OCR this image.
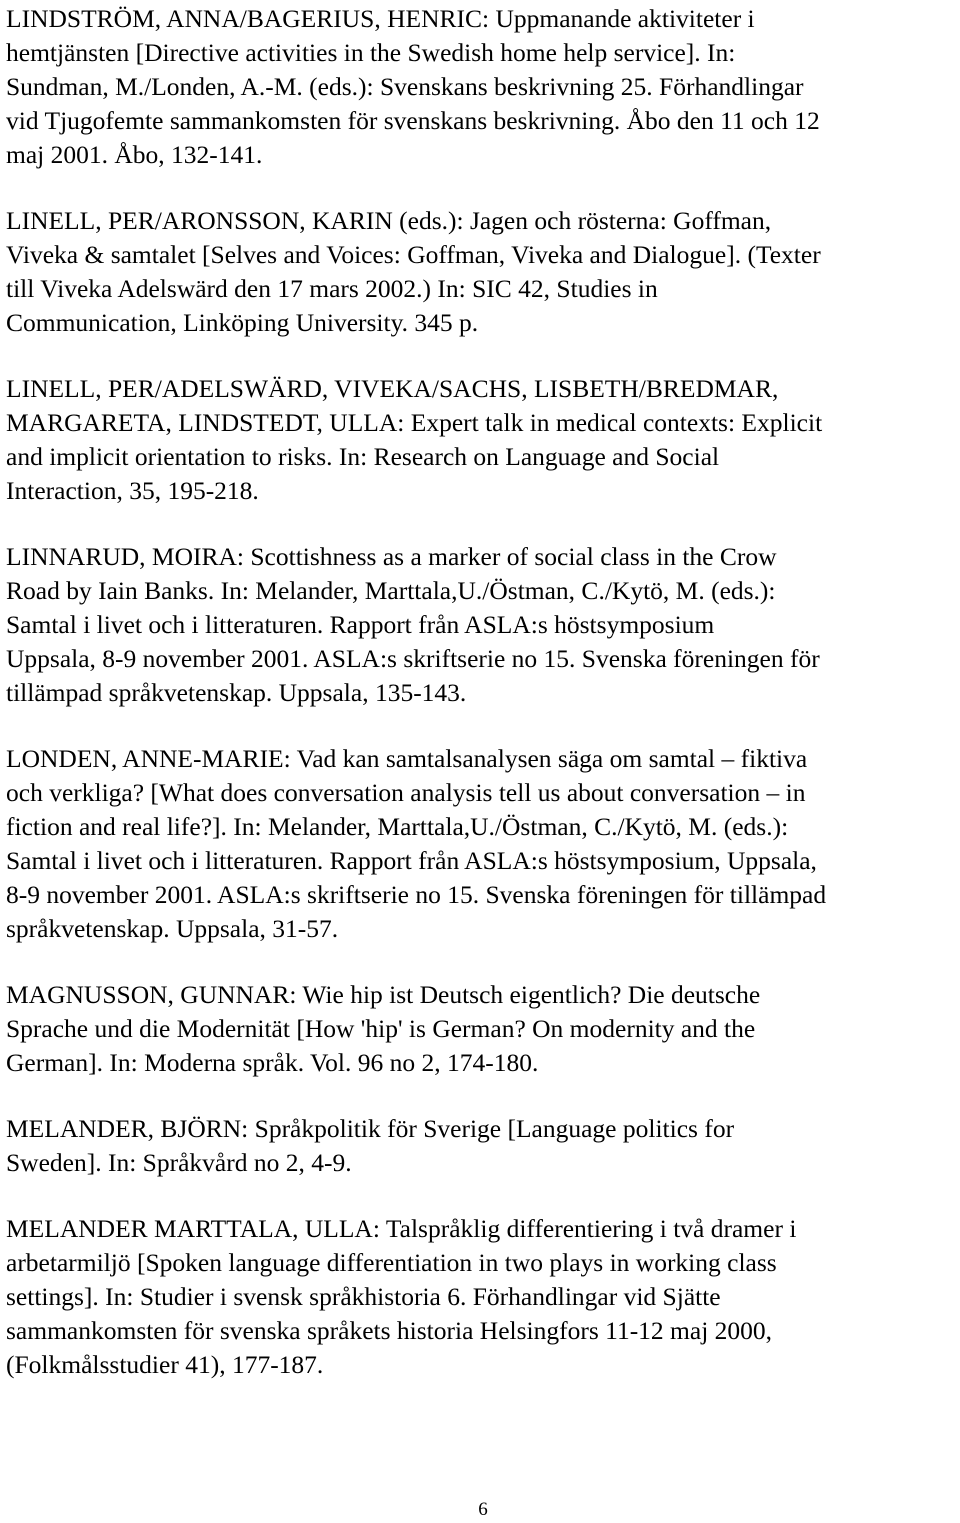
LINDSTRÖM, ANNA/BAGERIUS, HENRIC: Uppmanande aktiviteter i
hemtjänsten [Directive activities in the Swedish home help service]. In:
Sundman, M./Londen, A.-M. (eds.): Svenskans beskrivning 25. Förhandlingar
vid Tjugofemte sammankomsten för svenskans beskrivning. Åbo den 11 och 12
maj 2001. Åbo, 132-141.
LINELL, PER/ARONSSON, KARIN (eds.): Jagen och rösterna: Goffman,
Viveka & samtalet [Selves and Voices: Goffman, Viveka and Dialogue]. (Texter
till Viveka Adelswärd den 17 mars 2002.) In: SIC 42, Studies in
Communication, Linköping University. 345 p.
LINELL, PER/ADELSWÄRD, VIVEKA/SACHS, LISBETH/BREDMAR,
MARGARETA, LINDSTEDT, ULLA: Expert talk in medical contexts: Explicit
and implicit orientation to risks. In: Research on Language and Social
Interaction, 35, 195-218.
LINNARUD, MOIRA: Scottishness as a marker of social class in the Crow
Road by Iain Banks. In: Melander, Marttala,U./Östman, C./Kytö, M. (eds.):
Samtal i livet och i litteraturen. Rapport från ASLA:s höstsymposium
Uppsala, 8-9 november 2001. ASLA:s skriftserie no 15. Svenska föreningen för
tillämpad språkvetenskap. Uppsala, 135-143.
LONDEN, ANNE-MARIE: Vad kan samtalsanalysen säga om samtal – fiktiva
och verkliga? [What does conversation analysis tell us about conversation – in
fiction and real life?]. In: Melander, Marttala,U./Östman, C./Kytö, M. (eds.):
Samtal i livet och i litteraturen. Rapport från ASLA:s höstsymposium, Uppsala,
8-9 november 2001. ASLA:s skriftserie no 15. Svenska föreningen för tillämpad
språkvetenskap. Uppsala, 31-57.
MAGNUSSON, GUNNAR: Wie hip ist Deutsch eigentlich? Die deutsche
Sprache und die Modernität [How 'hip' is German? On modernity and the
German]. In: Moderna språk. Vol. 96 no 2, 174-180.
MELANDER, BJÖRN: Språkpolitik för Sverige [Language politics for
Sweden]. In: Språkvård no 2, 4-9.
MELANDER MARTTALA, ULLA: Talspråklig differentiering i två dramer i
arbetarmiljö [Spoken language differentiation in two plays in working class
settings]. In: Studier i svensk språkhistoria 6. Förhandlingar vid Sjätte
sammankomsten för svenska språkets historia Helsingfors 11-12 maj 2000,
(Folkmålsstudier 41), 177-187.
6
